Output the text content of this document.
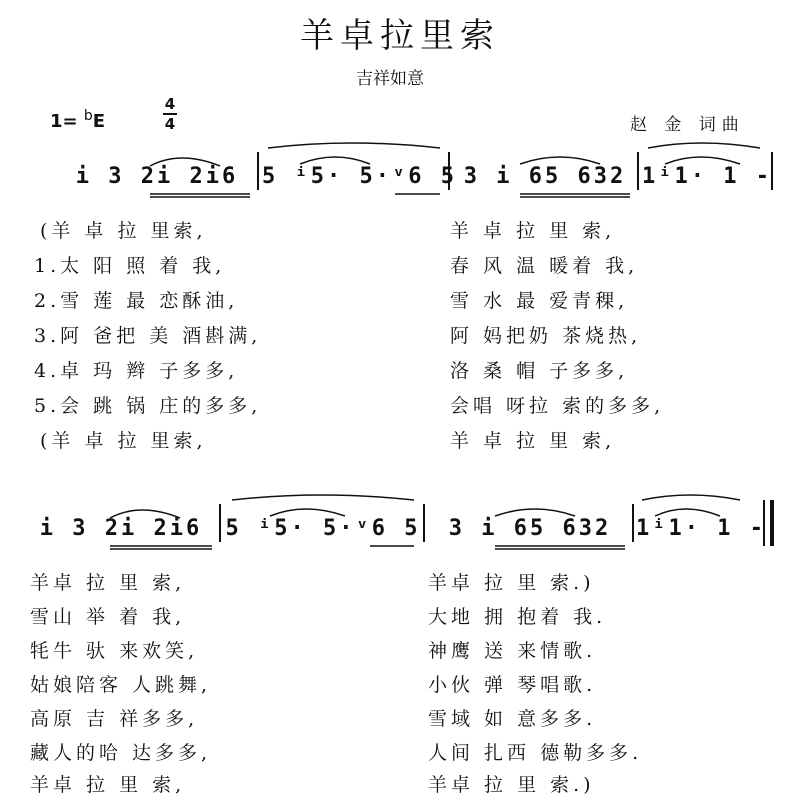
羊卓拉里索
吉祥如意
1= $^b$E
4
4	赵 金 词曲
i 3 2i 2i6	5 ⁱ5· 5·ᵛ6 5 3 i 65 632 1ⁱ1· 1 -
(羊 卓 拉 里索,	羊 卓 拉 里 索,
1.太 阳 照 着 我,	春 风 温 暖着 我,
2.雪 莲 最 恋酥油,	雪 水 最 爱青稞,
3.阿 爸把 美 酒斟满,	阿 妈把奶 茶烧热,
4.卓 玛 辫 子多多,	洛 桑 帽 子多多,
5.会 跳 锅 庄的多多,	会唱 呀拉 索的多多,
(羊 卓 拉 里索,	羊 卓 拉 里 索,
i 3 2i 2i6	5 ⁱ5· 5·ᵛ6 5	3 i 65 632	1ⁱ1· 1 -
羊卓 拉 里 索,	羊卓 拉 里 索.)
雪山 举 着 我,	大地 拥 抱着 我.
牦牛 驮 来欢笑,	神鹰 送 来情歌.
姑娘陪客 人跳舞,	小伙 弹 琴唱歌.
高原 吉 祥多多,	雪域 如 意多多.
藏人的哈 达多多,	人间 扎西 德勒多多.
羊卓 拉 里 索,	羊卓 拉 里 索.)
